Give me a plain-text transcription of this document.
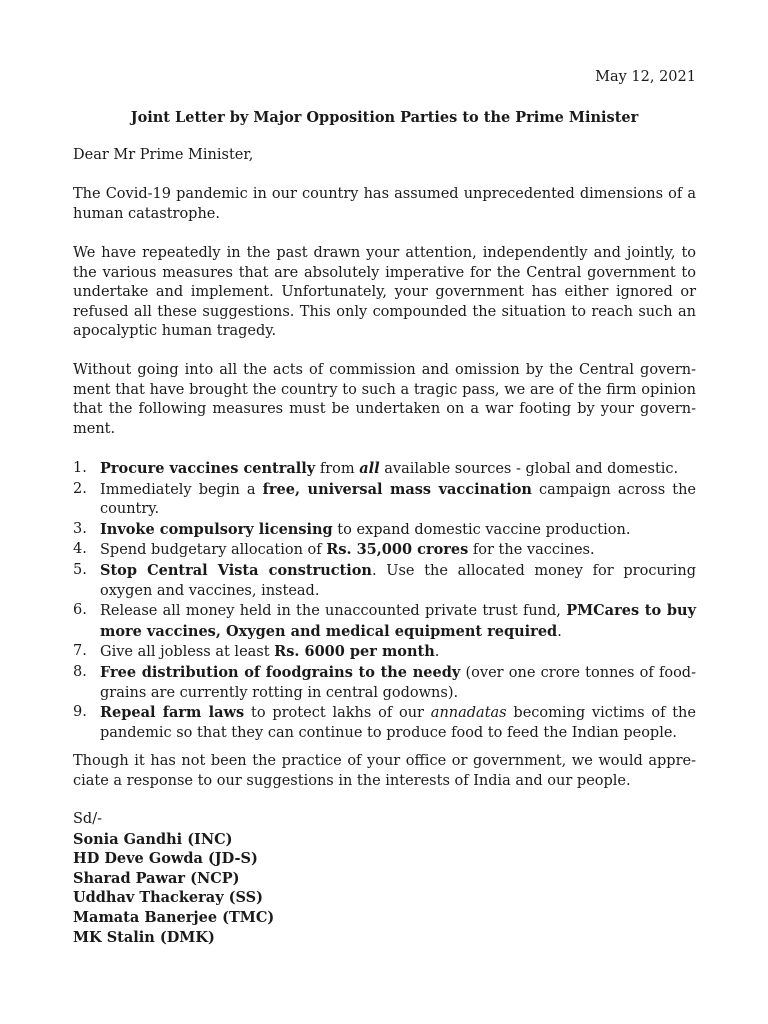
May 12, 2021
Joint Letter by Major Opposition Parties to the Prime Minister
Dear Mr Prime Minister,

The Covid-19 pandemic in our country has assumed unprecedented dimensions of a human catastrophe.

We have repeatedly in the past drawn your attention, independently and jointly, to the various measures that are absolutely imperative for the Central government to undertake and implement. Unfortunately, your government has either ignored or refused all these suggestions. This only compounded the situation to reach such an apocalyptic human tragedy.

Without going into all the acts of commission and omission by the Central govern-ment that have brought the country to such a tragic pass, we are of the firm opinion that the following measures must be undertaken on a war footing by your govern-ment.

1. Procure vaccines centrally from all available sources - global and domestic.
2. Immediately begin a free, universal mass vaccination campaign across the country.
3. Invoke compulsory licensing to expand domestic vaccine production.
4. Spend budgetary allocation of Rs. 35,000 crores for the vaccines.
5. Stop Central Vista construction. Use the allocated money for procuring oxygen and vaccines, instead.
6. Release all money held in the unaccounted private trust fund, PMCares to buy more vaccines, Oxygen and medical equipment required.
7. Give all jobless at least Rs. 6000 per month.
8. Free distribution of foodgrains to the needy (over one crore tonnes of food-grains are currently rotting in central godowns).
9. Repeal farm laws to protect lakhs of our annadatas becoming victims of the pandemic so that they can continue to produce food to feed the Indian people.

Though it has not been the practice of your office or government, we would appre-ciate a response to our suggestions in the interests of India and our people.

Sd/-
Sonia Gandhi (INC)
HD Deve Gowda (JD-S)
Sharad Pawar (NCP)
Uddhav Thackeray (SS)
Mamata Banerjee (TMC)
MK Stalin (DMK)
